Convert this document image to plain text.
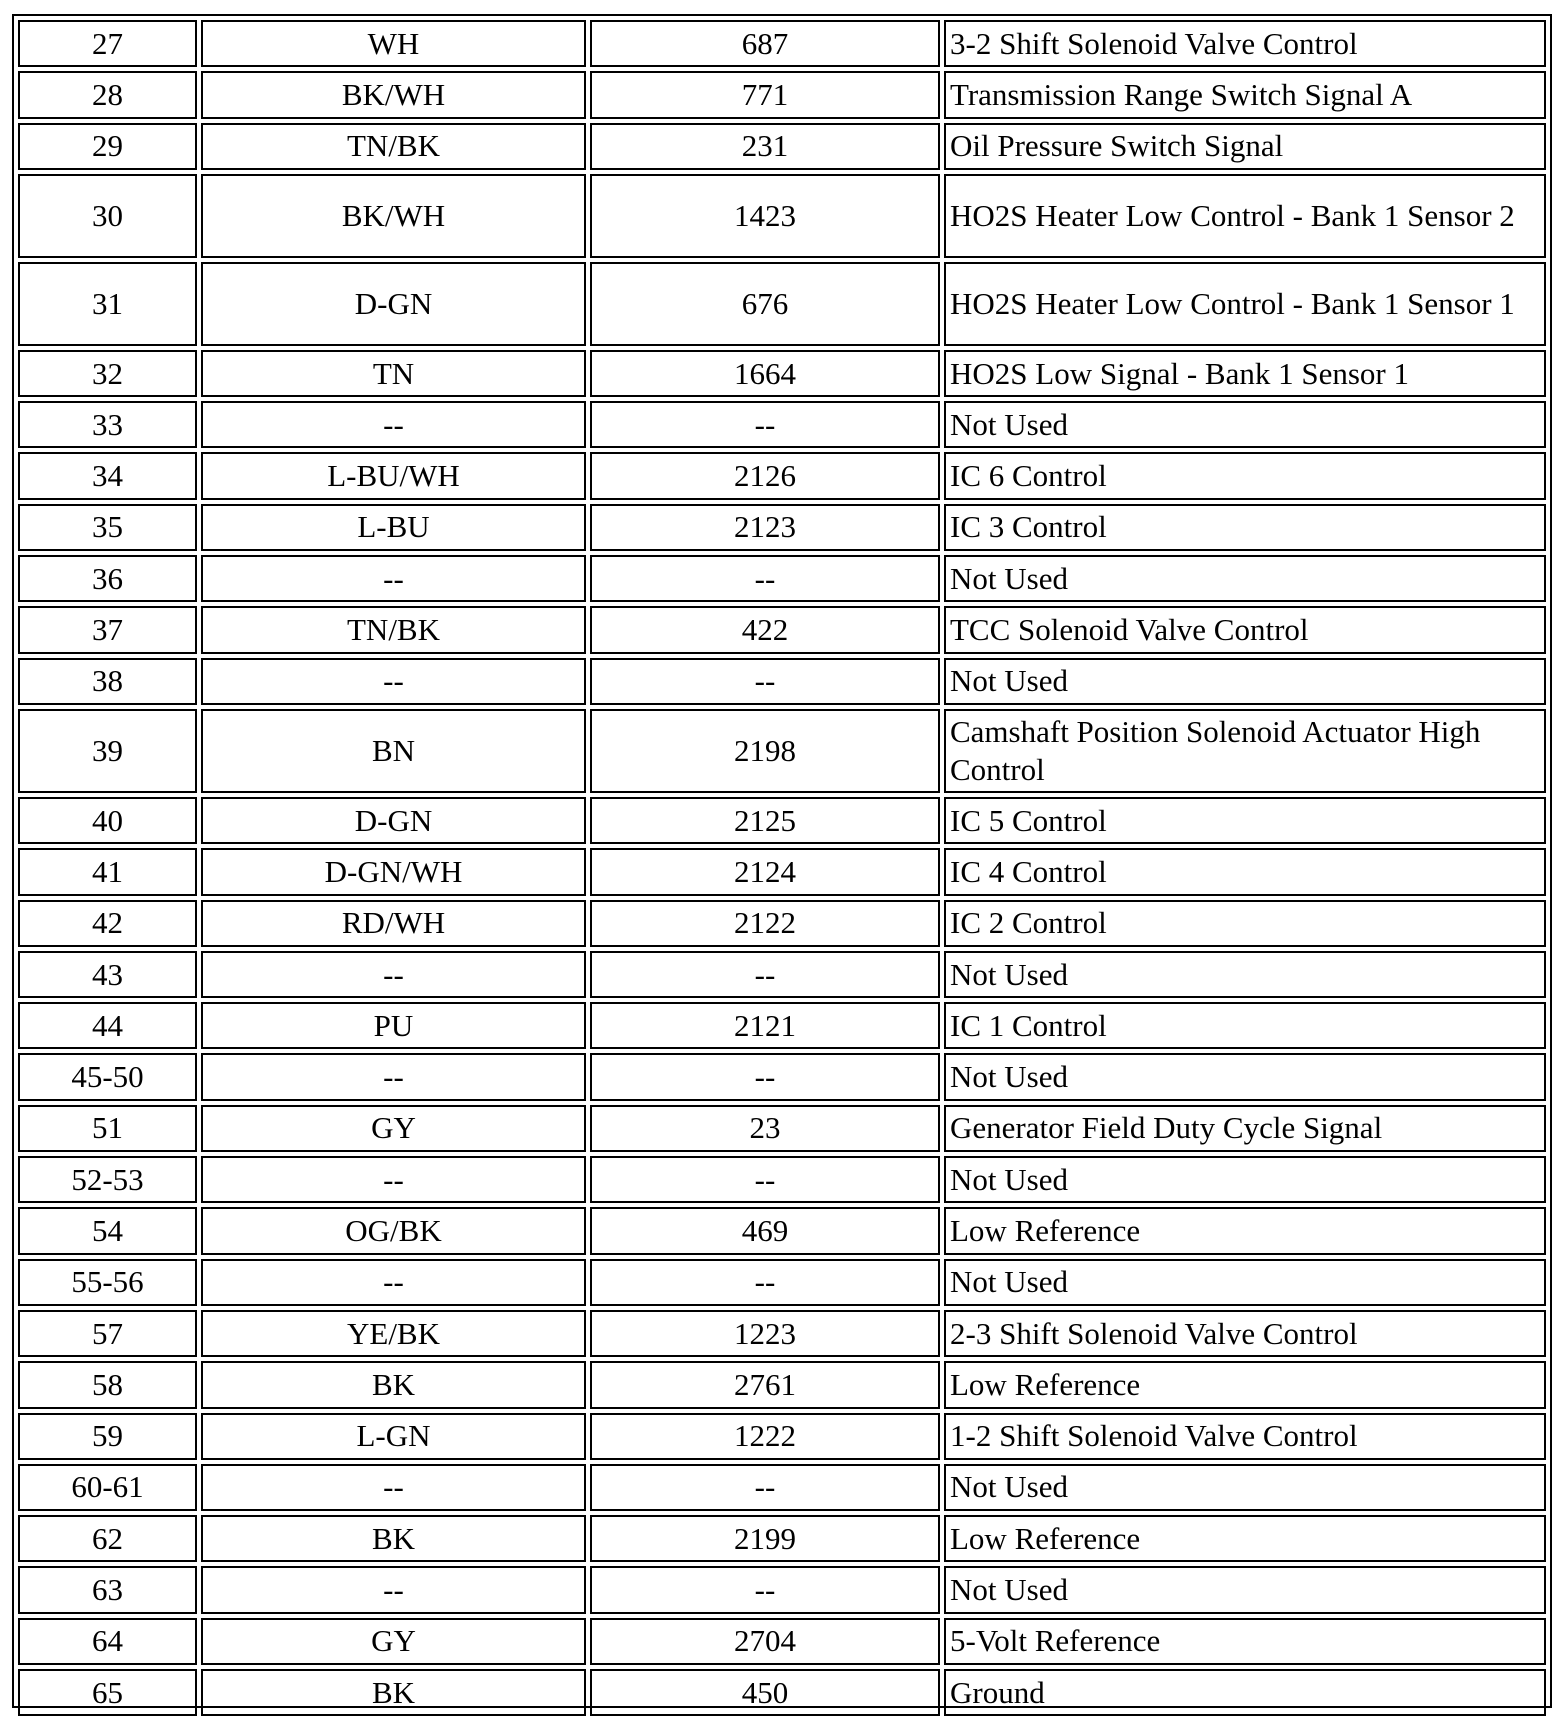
27	WH	687	3-2 Shift Solenoid Valve Control
28	BK/WH	771	Transmission Range Switch Signal A
29	TN/BK	231	Oil Pressure Switch Signal
30	BK/WH	1423	HO2S Heater Low Control - Bank 1 Sensor 2
31	D-GN	676	HO2S Heater Low Control - Bank 1 Sensor 1
32	TN	1664	HO2S Low Signal - Bank 1 Sensor 1
33	--	--	Not Used
34	L-BU/WH	2126	IC 6 Control
35	L-BU	2123	IC 3 Control
36	--	--	Not Used
37	TN/BK	422	TCC Solenoid Valve Control
38	--	--	Not Used
39	BN	2198	Camshaft Position Solenoid Actuator High Control
40	D-GN	2125	IC 5 Control
41	D-GN/WH	2124	IC 4 Control
42	RD/WH	2122	IC 2 Control
43	--	--	Not Used
44	PU	2121	IC 1 Control
45-50	--	--	Not Used
51	GY	23	Generator Field Duty Cycle Signal
52-53	--	--	Not Used
54	OG/BK	469	Low Reference
55-56	--	--	Not Used
57	YE/BK	1223	2-3 Shift Solenoid Valve Control
58	BK	2761	Low Reference
59	L-GN	1222	1-2 Shift Solenoid Valve Control
60-61	--	--	Not Used
62	BK	2199	Low Reference
63	--	--	Not Used
64	GY	2704	5-Volt Reference
65	BK	450	Ground
